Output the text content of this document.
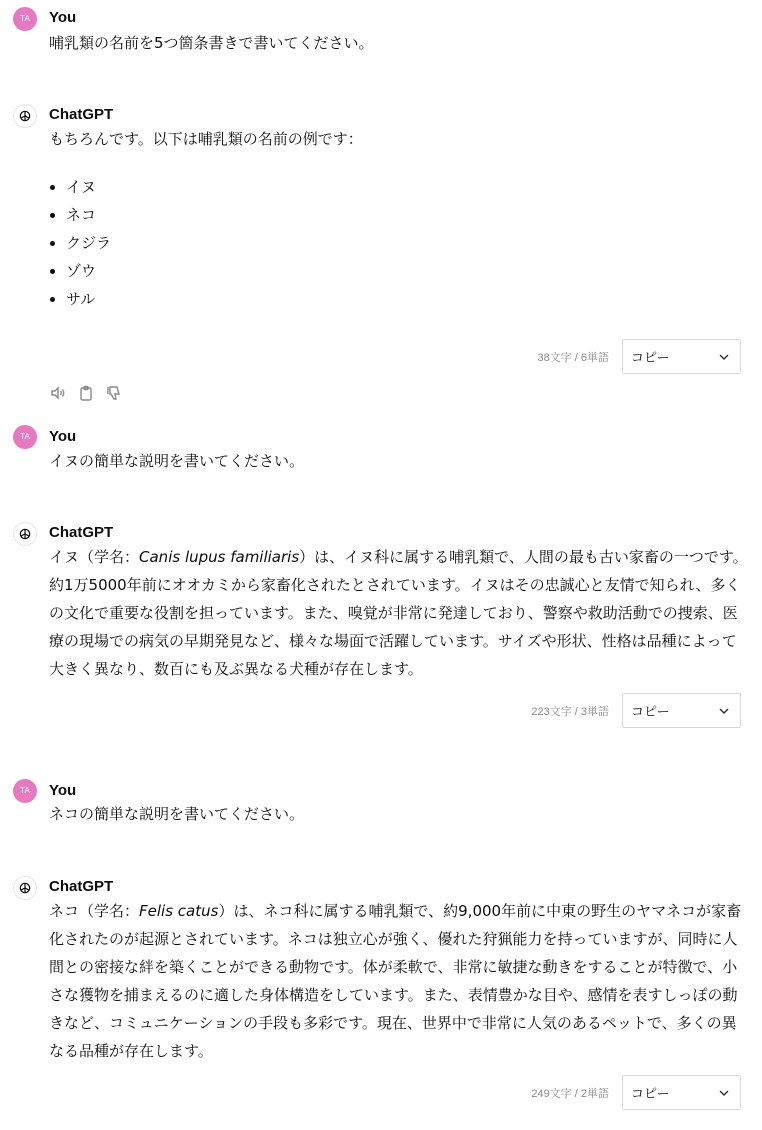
TA	You
哺乳類の名前を5つ箇条書きで書いてください。
ChatGPT
もちろんです。以下は哺乳類の名前の例です：
• イヌ
• ネコ
• クジラ
• ゾウ
• サル
38文字 / 6単語 コピー
TA	You
イヌの簡単な説明を書いてください。
ChatGPT
イヌ（学名：Canis lupus familiaris）は、イヌ科に属する哺乳類で、人間の最も古い家畜の一つです。約1万5000年前にオオカミから家畜化されたとされています。イヌはその忠誠心と友情で知られ、多くの文化で重要な役割を担っています。また、嗅覚が非常に発達しており、警察や救助活動での捜索、医療の現場での病気の早期発見など、様々な場面で活躍しています。サイズや形状、性格は品種によって大きく異なり、数百にも及ぶ異なる犬種が存在します。
223文字 / 3単語 コピー
TA	You
ネコの簡単な説明を書いてください。
ChatGPT
ネコ（学名：Felis catus）は、ネコ科に属する哺乳類で、約9,000年前に中東の野生のヤマネコが家畜化されたのが起源とされています。ネコは独立心が強く、優れた狩猟能力を持っていますが、同時に人間との密接な絆を築くことができる動物です。体が柔軟で、非常に敏捷な動きをすることが特徴で、小さな獲物を捕まえるのに適した身体構造をしています。また、表情豊かな目や、感情を表すしっぽの動きなど、コミュニケーションの手段も多彩です。現在、世界中で非常に人気のあるペットで、多くの異なる品種が存在します。
249文字 / 2単語 コピー
